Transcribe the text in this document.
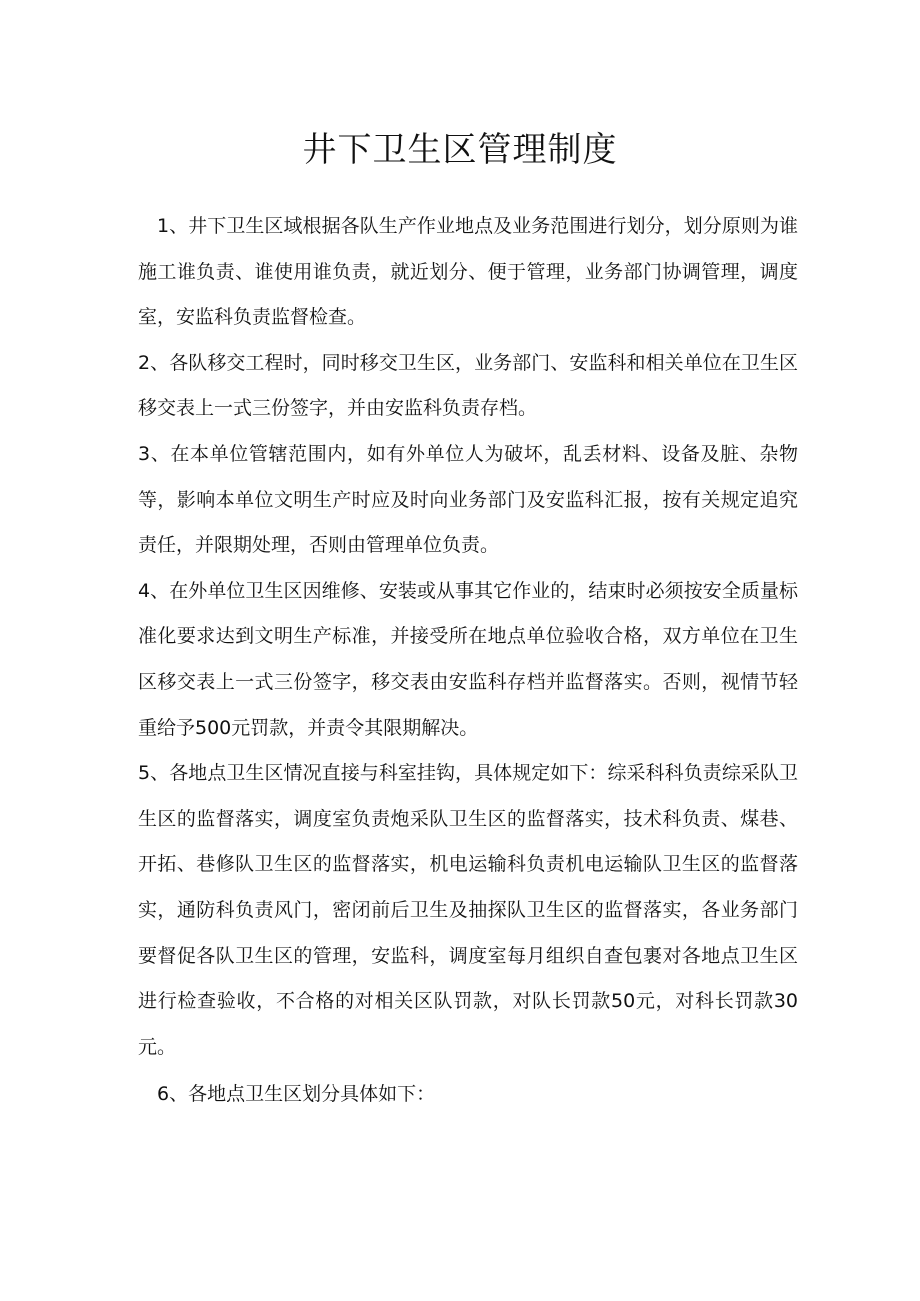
井下卫生区管理制度

1、井下卫生区域根据各队生产作业地点及业务范围进行划分，划分原则为谁施工谁负责、谁使用谁负责，就近划分、便于管理，业务部门协调管理，调度室，安监科负责监督检查。

2、各队移交工程时，同时移交卫生区，业务部门、安监科和相关单位在卫生区移交表上一式三份签字，并由安监科负责存档。

3、在本单位管辖范围内，如有外单位人为破坏，乱丢材料、设备及脏、杂物等，影响本单位文明生产时应及时向业务部门及安监科汇报，按有关规定追究责任，并限期处理，否则由管理单位负责。

4、在外单位卫生区因维修、安装或从事其它作业的，结束时必须按安全质量标准化要求达到文明生产标准，并接受所在地点单位验收合格，双方单位在卫生区移交表上一式三份签字，移交表由安监科存档并监督落实。否则，视情节轻重给予500元罚款，并责令其限期解决。

5、各地点卫生区情况直接与科室挂钩，具体规定如下：综采科科负责综采队卫生区的监督落实，调度室负责炮采队卫生区的监督落实，技术科负责、煤巷、开拓、巷修队卫生区的监督落实，机电运输科负责机电运输队卫生区的监督落实，通防科负责风门，密闭前后卫生及抽探队卫生区的监督落实，各业务部门要督促各队卫生区的管理，安监科，调度室每月组织自查包裹对各地点卫生区进行检查验收，不合格的对相关区队罚款，对队长罚款50元，对科长罚款30元。

6、各地点卫生区划分具体如下：
